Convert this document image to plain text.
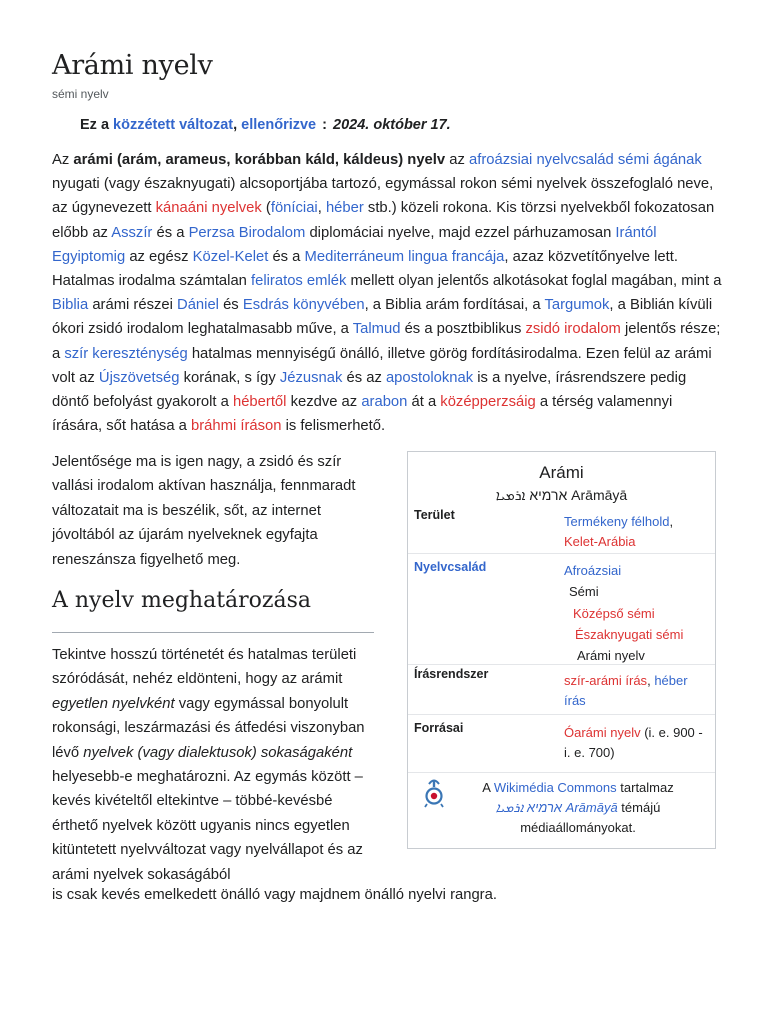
Arámi nyelv
sémi nyelv
Ez a közzétett változat, ellenőrizve : 2024. október 17.

Az arámi (arám, arameus, korábban káld, káldeus) nyelv az afroázsiai nyelvcsalád sémi ágának nyugati (vagy északnyugati) alcsoportjába tartozó, egymással rokon sémi nyelvek összefoglaló neve, az úgynevezett kánaáni nyelvek (föníciai, héber stb.) közeli rokona. Kis törzsi nyelvekből fokozatosan előbb az Asszír és a Perzsa Birodalom diplomáciai nyelve, majd ezzel párhuzamosan Irántól Egyiptomig az egész Közel-Kelet és a Mediterráneum lingua francája, azaz közvetítőnyelve lett. Hatalmas irodalma számtalan feliratos emlék mellett olyan jelentős alkotásokat foglal magában, mint a Biblia arámi részei Dániel és Esdrás könyvében, a Biblia arám fordításai, a Targumok, a Biblián kívüli ókori zsidó irodalom leghatalmasabb műve, a Talmud és a posztbiblikus zsidó irodalom jelentős része; a szír kereszténység hatalmas mennyiségű önálló, illetve görög fordításirodalma. Ezen felül az arámi volt az Újszövetség korának, s így Jézusnak és az apostoloknak is a nyelve, írásrendszere pedig döntő befolyást gyakorolt a hébertől kezdve az arabon át a középperzsáig a térség valamennyi írására, sőt hatása a bráhmi íráson is felismerhető.

Jelentősége ma is igen nagy, a zsidó és szír vallási irodalom aktívan használja, fennmaradt változatait ma is beszélik, sőt, az internet jóvoltából az újarám nyelveknek egyfajta reneszánsza figyelhető meg.

A nyelv meghatározása

Tekintve hosszú történetét és hatalmas területi szóródását, nehéz eldönteni, hogy az arámit egyetlen nyelvként vagy egymással bonyolult rokonsági, leszármazási és átfedési viszonyban lévő nyelvek (vagy dialektusok) sokaságaként helyesebb-e meghatározni. Az egymás között – kevés kivételtől eltekintve – többé-kevésbé érthető nyelvek között ugyanis nincs egyetlen kitüntetett nyelvváltozat vagy nyelvállapot és az arámi nyelvek sokaságából

is csak kevés emelkedett önálló vagy majdnem önálló nyelvi rangra.

Arámi
ארמיא ܐܪܡܝܐ Arāmāyā
Terület	Termékeny félhold,
Kelet-Arábia
Nyelvcsalád	Afroázsiai
Sémi
Középső sémi
Északnyugati sémi
Arámi nyelv
Írásrendszer	szír-arámi írás, héber írás
Forrásai	Óarámi nyelv (i. e. 900 - i. e. 700)
A Wikimédia Commons tartalmaz
ארמיא ܐܪܡܝܐ Arāmāyā témájú médiaállományokat.
